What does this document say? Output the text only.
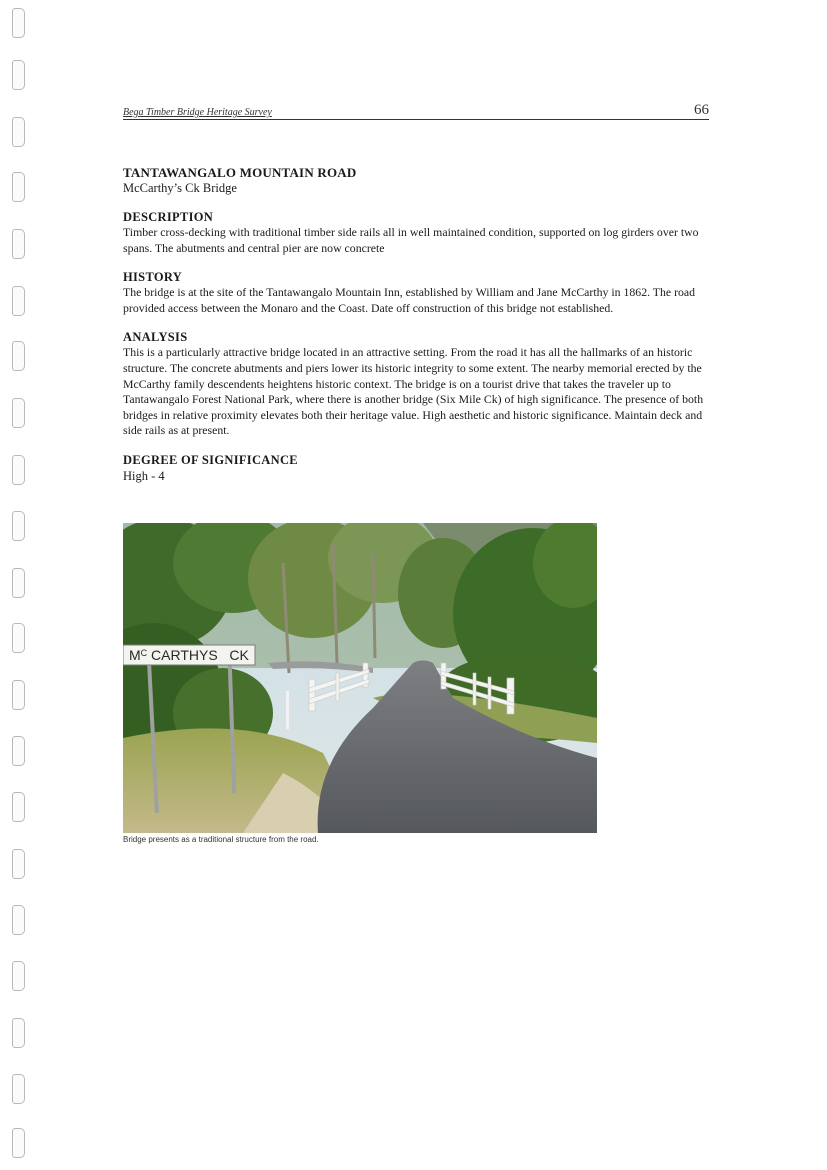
Bega Timber Bridge Heritage Survey	66

TANTAWANGALO MOUNTAIN ROAD

McCarthy’s Ck Bridge

DESCRIPTION

Timber cross-decking with traditional timber side rails all in well maintained condition, supported on log girders over two spans. The abutments and central pier are now concrete

HISTORY

The bridge is at the site of the Tantawangalo Mountain Inn, established by William and Jane McCarthy in 1862. The road provided access between the Monaro and the Coast. Date off construction of this bridge not established.

ANALYSIS

This is a particularly attractive bridge located in an attractive setting. From the road it has all the hallmarks of an historic structure. The concrete abutments and piers lower its historic integrity to some extent. The nearby memorial erected by the McCarthy family descendents heightens historic context. The bridge is on a tourist drive that takes the traveler up to Tantawangalo Forest National Park, where there is another bridge (Six Mile Ck) of high significance. The presence of both bridges in relative proximity elevates both their heritage value. High aesthetic and historic significance. Maintain deck and side rails as at present.

DEGREE OF SIGNIFICANCE

High - 4

$M^C$ CARTHYS   CK
Bridge presents as a traditional structure from the road.
